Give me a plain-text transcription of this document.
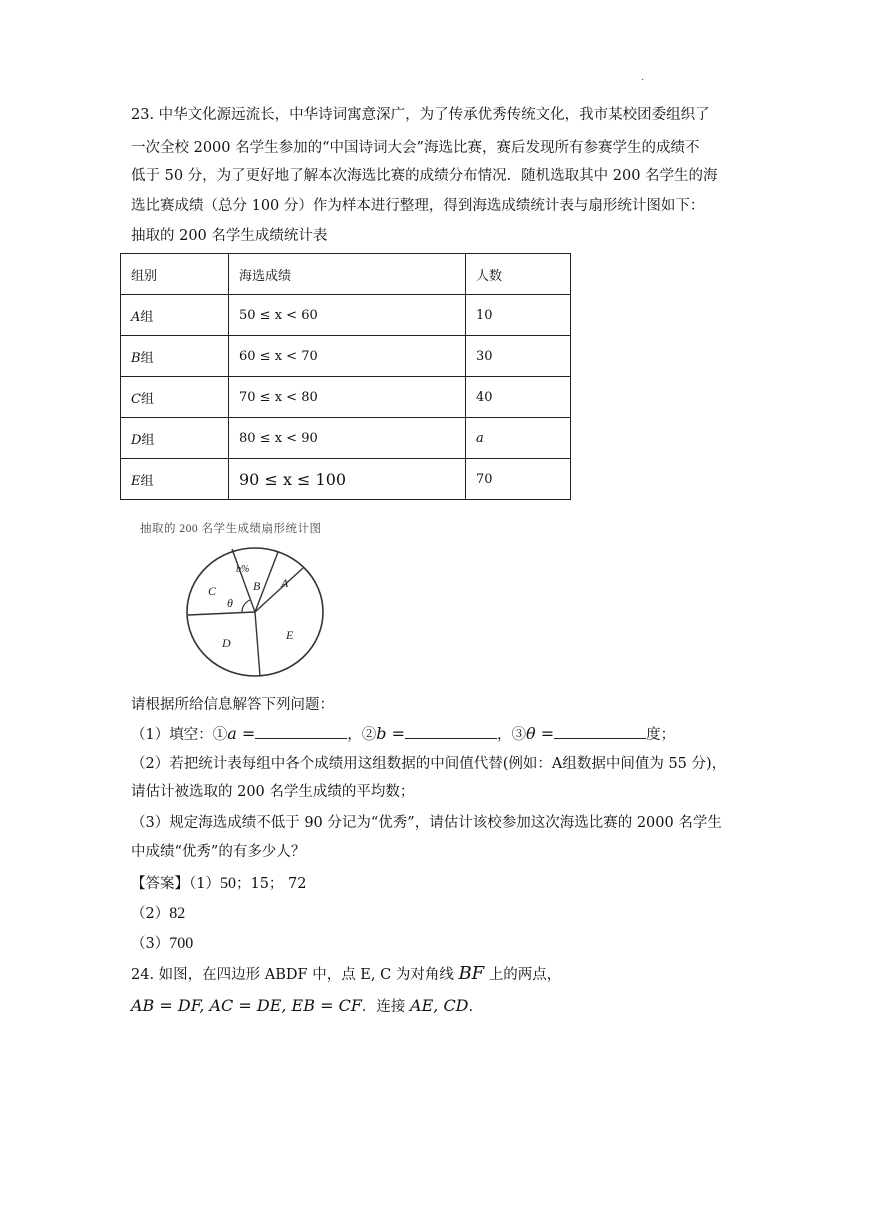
·
23. 中华文化源远流长，中华诗词寓意深广，为了传承优秀传统文化，我市某校团委组织了
一次全校 2000 名学生参加的“中国诗词大会”海选比赛，赛后发现所有参赛学生的成绩不
低于 50 分，为了更好地了解本次海选比赛的成绩分布情况．随机选取其中 200 名学生的海
选比赛成绩（总分 100 分）作为样本进行整理，得到海选成绩统计表与扇形统计图如下：
抽取的 200 名学生成绩统计表
组别	海选成绩	人数
A组	50 ≤ x < 60	10
B组	60 ≤ x < 70	30
C组	70 ≤ x < 80	40
D组	80 ≤ x < 90	a
E组	90 ≤ x ≤ 100	70
抽取的 200 名学生成绩扇形统计图
b%
B A
C
θ
D
E
请根据所给信息解答下列问题：
（1）填空：①a =	，②b =	，③θ =	度；
（2）若把统计表每组中各个成绩用这组数据的中间值代替(例如：A组数据中间值为 55 分)，
请估计被选取的 200 名学生成绩的平均数；
（3）规定海选成绩不低于 90 分记为“优秀”，请估计该校参加这次海选比赛的 2000 名学生
中成绩“优秀”的有多少人？
【答案】（1）50；15； 72
（2）82
（3）700
24. 如图，在四边形 ABDF 中，点 E, C 为对角线 BF 上的两点，
AB = DF, AC = DE, EB = CF．连接 AE, CD.
